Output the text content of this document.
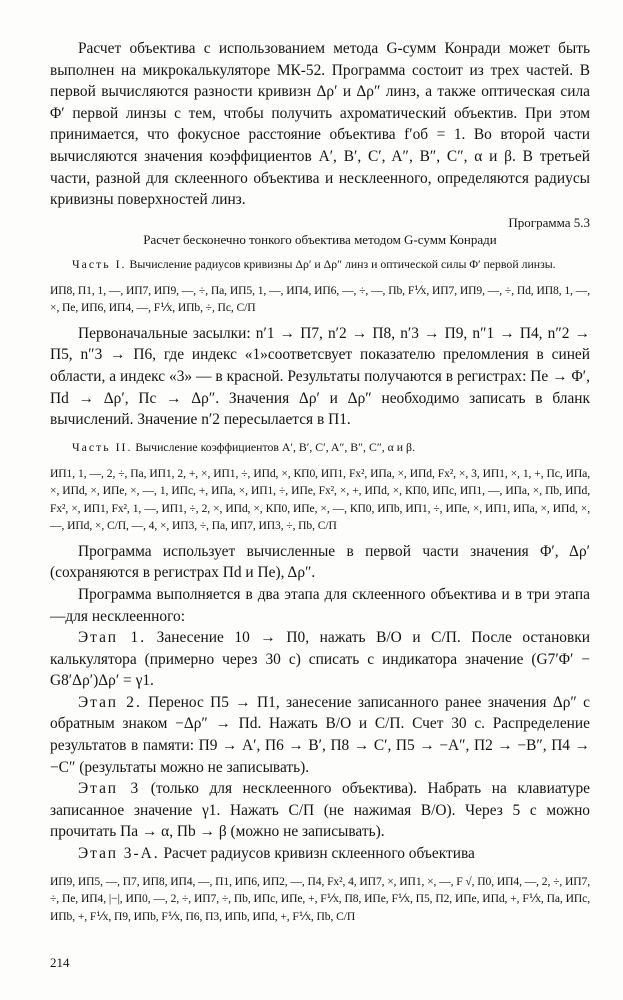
Расчет объектива с использованием метода G-сумм Конради может быть выполнен на микрокалькуляторе МК-52. Программа состоит из трех частей. В первой вычисляются разности кривизн Δρ′ и Δρ″ линз, а также оптическая сила Φ′ первой линзы с тем, чтобы получить ахроматический объектив. При этом принимается, что фокусное расстояние объектива f′об = 1. Во второй части вычисляются значения коэффициентов A′, B′, C′, A″, B″, C″, α и β. В третьей части, разной для склеенного объектива и несклеенного, определяются радиусы кривизны поверхностей линз.

Программа 5.3

Расчет бесконечно тонкого объектива методом G-сумм Конради

Часть I. Вычисление радиусов кривизны Δρ′ и Δρ″ линз и оптической силы Φ′ первой линзы.

ИП8, П1, 1, —, ИП7, ИП9, —, ÷, Па, ИП5, 1, —, ИП4, ИП6, —, ÷, —, Пb, F⅟x, ИП7, ИП9, —, ÷, Пd, ИП8, 1, —, ×, Пе, ИП6, ИП4, —, F⅟x, ИПb, ÷, Пс, С/П

Первоначальные засылки: n′1 → П7, n′2 → П8, n′3 → П9, n″1 → П4, n″2 → П5, n″3 → П6, где индекс «1»соответсвует показателю преломления в синей области, а индекс «3» — в красной. Результаты получаются в регистрах: Пе → Φ′, Пd → Δρ′, Пс → Δρ″. Значения Δρ′ и Δρ″ необходимо записать в бланк вычислений. Значение n′2 пересылается в П1.

Часть II. Вычисление коэффициентов A′, B′, C′, A″, B″, C″, α и β.

ИП1, 1, —, 2, ÷, Па, ИП1, 2, +, ×, ИП1, ÷, ИПd, ×, КП0, ИП1, Fx², ИПа, ×, ИПd, Fx², ×, 3, ИП1, ×, 1, +, Пс, ИПа, ×, ИПd, ×, ИПе, ×, —, 1, ИПс, +, ИПа, ×, ИП1, ÷, ИПе, Fx², ×, +, ИПd, ×, КП0, ИПс, ИП1, —, ИПа, ×, Пb, ИПd, Fx², ×, ИП1, Fx², 1, —, ИП1, ÷, 2, ×, ИПd, ×, КП0, ИПе, ×, —, КП0, ИПb, ИП1, ÷, ИПе, ×, ИП1, ИПа, ×, ИПd, ×, —, ИПd, ×, С/П, —, 4, ×, ИП3, ÷, Па, ИП7, ИП3, ÷, Пb, С/П

Программа использует вычисленные в первой части значения Φ′, Δρ′ (сохраняются в регистрах Пd и Пе), Δρ″.

Программа выполняется в два этапа для склеенного объектива и в три этапа—для несклеенного:

Этап 1. Занесение 10 → П0, нажать В/О и С/П. После остановки калькулятора (примерно через 30 с) списать с индикатора значение (G7′Φ′ − G8′Δρ′)Δρ′ = γ1.

Этап 2. Перенос П5 → П1, занесение записанного ранее значения Δρ″ с обратным знаком −Δρ″ → Пd. Нажать В/О и С/П. Счет 30 с. Распределение результатов в памяти: П9 → A′, П6 → B′, П8 → C′, П5 → −A″, П2 → −B″, П4 → −C″ (результаты можно не записывать).

Этап 3 (только для несклеенного объектива). Набрать на клавиатуре записанное значение γ1. Нажать С/П (не нажимая В/О). Через 5 с можно прочитать Па → α, Пb → β (можно не записывать).

Этап 3-А. Расчет радиусов кривизн склеенного объектива

ИП9, ИП5, —, П7, ИП8, ИП4, —, П1, ИП6, ИП2, —, П4, Fx², 4, ИП7, ×, ИП1, ×, —, F √, П0, ИП4, —, 2, ÷, ИП7, ÷, Пе, ИП4, |−|, ИП0, —, 2, ÷, ИП7, ÷, Пb, ИПс, ИПе, +, F⅟x, П8, ИПе, F⅟x, П5, П2, ИПе, ИПd, +, F⅟x, Па, ИПс, ИПb, +, F⅟x, П9, ИПb, F⅟x, П6, П3, ИПb, ИПd, +, F⅟x, Пb, С/П

214
